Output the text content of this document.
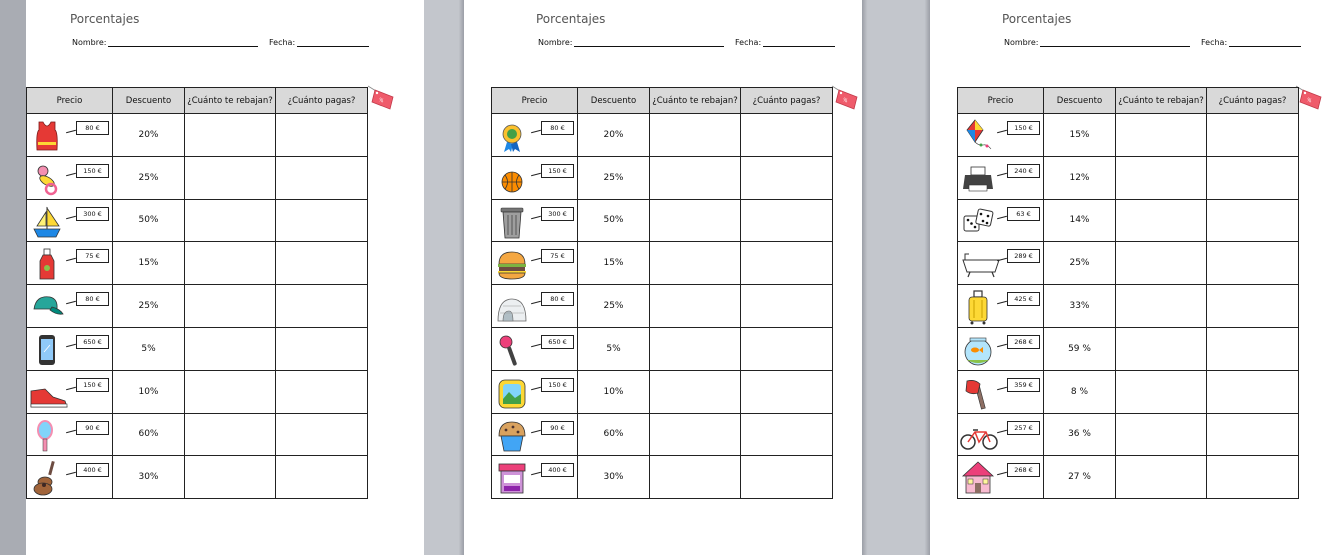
Porcentajes
Nombre:	Fecha:
%
Precio	Descuento	¿Cuánto te rebajan?	¿Cuánto pagas?

80 €	20%		

150 €	25%		

300 €	50%		

75 €	15%		

80 €	25%		

650 €	5%		

150 €	10%		

90 €	60%		

400 €	30%		
Porcentajes
Nombre:	Fecha:
%
Precio	Descuento	¿Cuánto te rebajan?	¿Cuánto pagas?

80 €	20%		

150 €	25%		

300 €	50%		

75 €	15%		

80 €	25%		

650 €	5%		

150 €	10%		

90 €	60%		

400 €	30%		
Porcentajes
Nombre:	Fecha:
%
Precio	Descuento	¿Cuánto te rebajan?	¿Cuánto pagas?

150 €	15%		

240 €	12%		

63 €	14%		

289 €	25%		

425 €	33%		

268 €	59 %		

359 €	8 %		

257 €	36 %		

268 €	27 %		
